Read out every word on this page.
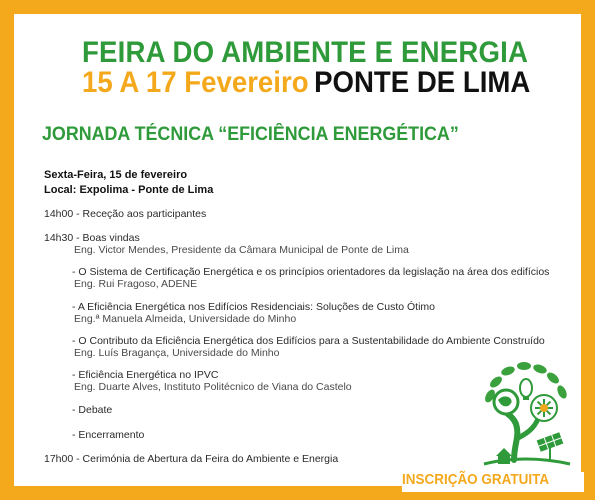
FEIRA DO AMBIENTE E ENERGIA
15 A 17 Fevereiro PONTE DE LIMA
JORNADA TÉCNICA “EFICIÊNCIA ENERGÉTICA”
Sexta-Feira, 15 de fevereiro
Local: Expolima - Ponte de Lima
14h00 - Receção aos participantes
14h30 - Boas vindas
Eng. Victor Mendes, Presidente da Câmara Municipal de Ponte de Lima
- O Sistema de Certificação Energética e os princípios orientadores da legislação na área dos edifícios
Eng. Rui Fragoso, ADENE
- A Eficiência Energética nos Edifícios Residenciais: Soluções de Custo Ótimo
Eng.ª Manuela Almeida, Universidade do Minho
- O Contributo da Eficiência Energética dos Edifícios para a Sustentabilidade do Ambiente Construído
Eng. Luís Bragança, Universidade do Minho
- Eficiência Energética no IPVC
Eng. Duarte Alves, Instituto Politécnico de Viana do Castelo
- Debate
- Encerramento
17h00 - Cerimónia de Abertura da Feira do Ambiente e Energia
INSCRIÇÃO GRATUITA
